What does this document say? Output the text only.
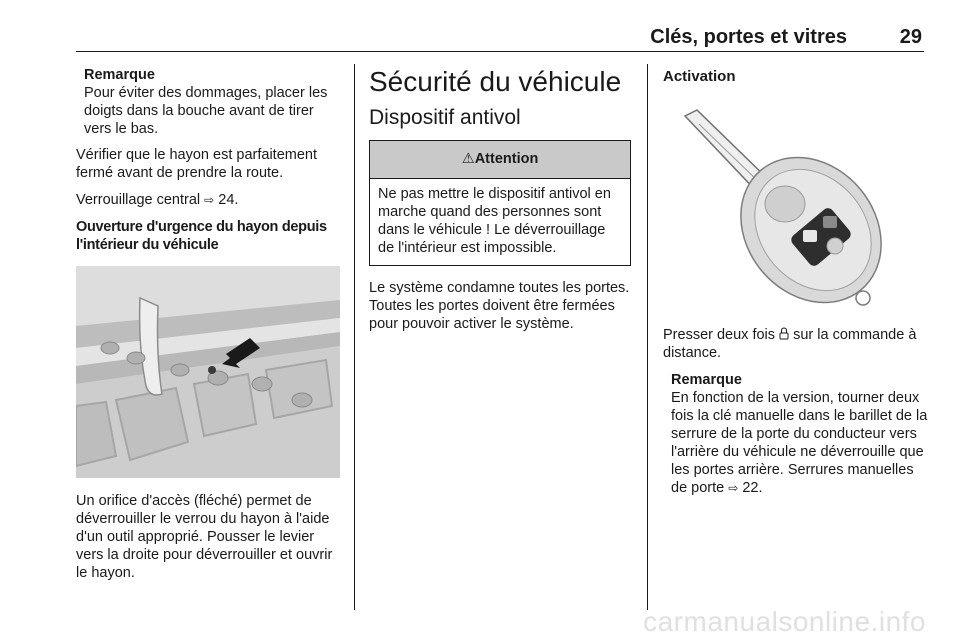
Clés, portes et vitres	29
Remarque
Pour éviter des dommages, placer les doigts dans la bouche avant de tirer vers le bas.

Vérifier que le hayon est parfaitement fermé avant de prendre la route.

Verrouillage central ⇨ 24.

Ouverture d'urgence du hayon depuis l'intérieur du véhicule

Un orifice d'accès (fléché) permet de déverrouiller le verrou du hayon à l'aide d'un outil approprié. Pousser le levier vers la droite pour déverrouiller et ouvrir le hayon.

Sécurité du véhicule
Dispositif antivol
⚠Attention
Ne pas mettre le dispositif antivol en marche quand des personnes sont dans le véhicule ! Le déverrouillage de l'intérieur est impossible.

Le système condamne toutes les portes. Toutes les portes doivent être fermées pour pouvoir activer le système.

Activation

Presser deux fois sur la commande à distance.

Remarque
En fonction de la version, tourner deux fois la clé manuelle dans le barillet de la serrure de la porte du conducteur vers l'arrière du véhicule ne déverrouille que les portes arrière. Serrures manuelles de porte ⇨ 22.
carmanualsonline.info
